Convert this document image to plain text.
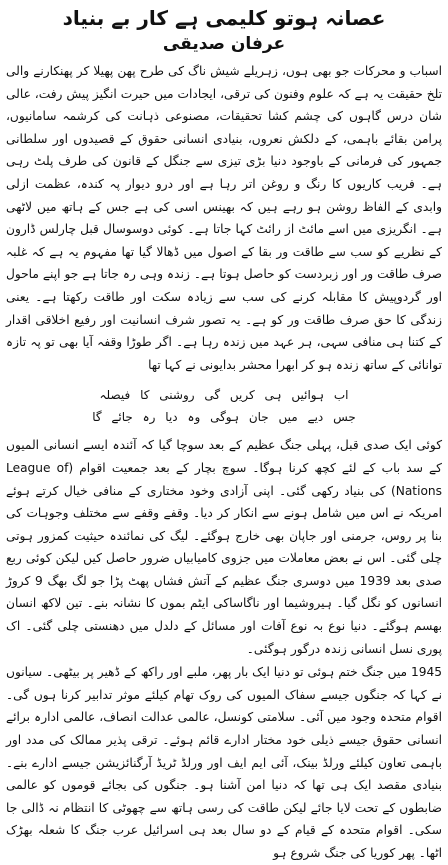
عصانہ ہوتو کلیمی ہے کار بے بنیاد
عرفان صدیقی

اسباب و محرکات جو بھی ہوں، زہریلے شیش ناگ کی طرح پھن پھیلا کر پھنکارنے والی تلخ حقیقت یہ ہے کہ علوم وفنون کی ترقی، ایجادات میں حیرت انگیز پیش رفت، عالی شان درس گاہوں کی چشم کشا تحقیقات، مصنوعی ذہانت کی کرشمہ سامانیوں، پرامن بقائے باہمی، کے دلکش نعروں، بنیادی انسانی حقوق کے قصیدوں اور سلطانی جمہور کی فرمانی کے باوجود دنیا بڑی تیزی سے جنگل کے قانون کی طرف پلٹ رہی ہے۔ فریب کاریوں کا رنگ و روغن اتر رہا ہے اور درو دیوار پہ کندہ، عظمت ازلی وابدی کے الفاظ روشن ہو رہے ہیں کہ بھینس اسی کی ہے جس کے ہاتھ میں لاٹھی ہے۔ انگریزی میں اسے مائٹ از رائٹ کہا جاتا ہے۔ کوئی دوسوسال قبل چارلس ڈارون کے نظریے کو سب سے طاقت ور بقا کے اصول میں ڈھالا گیا تھا مفہوم یہ ہے کہ غلبہ صرف طاقت ور اور زبردست کو حاصل ہوتا ہے۔ زندہ وہی رہ جاتا ہے جو اپنے ماحول اور گردوپیش کا مقابلہ کرنے کی سب سے زیادہ سکت اور طاقت رکھتا ہے۔ یعنی زندگی کا حق صرف طاقت ور کو ہے۔ یہ تصور شرف انسانیت اور رفیع اخلاقی اقدار کے کتنا ہی منافی سہی، ہر عہد میں زندہ رہا ہے۔ اگر طوڑا وقفہ آیا بھی تو پہ تازہ توانائی کے ساتھ زندہ ہو کر ابھرا محشر بدایونی نے کہا تھا

اب ہوائیں ہی کریں گی روشنی کا فیصلہ
جس دیے میں جان ہوگی وہ دیا رہ جائے گا

کوئی ایک صدی قبل، پہلی جنگ عظیم کے بعد سوچا گیا کہ آئندہ ایسے انسانی المیوں کے سد باب کے لئے کچھ کرنا ہوگا۔ سوچ بچار کے بعد جمعیت اقوام (League of Nations) کی بنیاد رکھی گئی۔ اپنی آزادی وخود مختاری کے منافی خیال کرتے ہوئے امریکہ نے اس میں شامل ہونے سے انکار کر دیا۔ وقفے وقفے سے مختلف وجوہات کی بنا پر روس، جرمنی اور جاپان بھی خارج ہوگئے۔ لیگ کی نمائندہ حیثیت کمزور ہوتی چلی گئی۔ اس نے بعض معاملات میں جزوی کامیابیاں ضرور حاصل کیں لیکن کوئی ربع صدی بعد 1939 میں دوسری جنگ عظیم کے آتش فشاں پھٹ پڑا جو لگ بھگ 9 کروڑ انسانوں کو نگل گیا۔ ہیروشیما اور ناگاساکی ایٹم بموں کا نشانہ بنے۔ تین لاکھ انسان بھسم ہوگئے۔ دنیا نوع بہ نوع آفات اور مسائل کے دلدل میں دھنستی چلی گئی۔ اک پوری نسل انسانی زندہ درگور ہوگئی۔

1945 میں جنگ ختم ہوئی تو دنیا ایک بار پھر، ملبے اور راکھ کے ڈھیر پر بیٹھی۔ سیانوں نے کہا کہ جنگوں جیسے سفاک المیوں کی روک تھام کیلئے موثر تدابیر کرنا ہوں گی۔ اقوام متحدہ وجود میں آئی۔ سلامتی کونسل، عالمی عدالت انصاف، عالمی ادارہ برائے انسانی حقوق جیسے ذیلی خود مختار ادارے قائم ہوئے۔ ترقی پذیر ممالک کی مدد اور باہمی تعاون کیلئے ورلڈ بینک، آئی ایم ایف اور ورلڈ ٹریڈ آرگنائزیشن جیسے ادارے بنے۔ بنیادی مقصد ایک ہی تھا کہ دنیا امن آشنا ہو۔ جنگوں کی بجائے قوموں کو عالمی ضابطوں کے تحت لایا جائے لیکن طاقت کی رسی ہاتھ سے چھوٹی کا انتظام نہ ڈالی جا سکی۔ اقوام متحدہ کے قیام کے دو سال بعد ہی اسرائیل عرب جنگ کا شعلہ بھڑک اٹھا۔ پھر کوریا کی جنگ شروع ہو
